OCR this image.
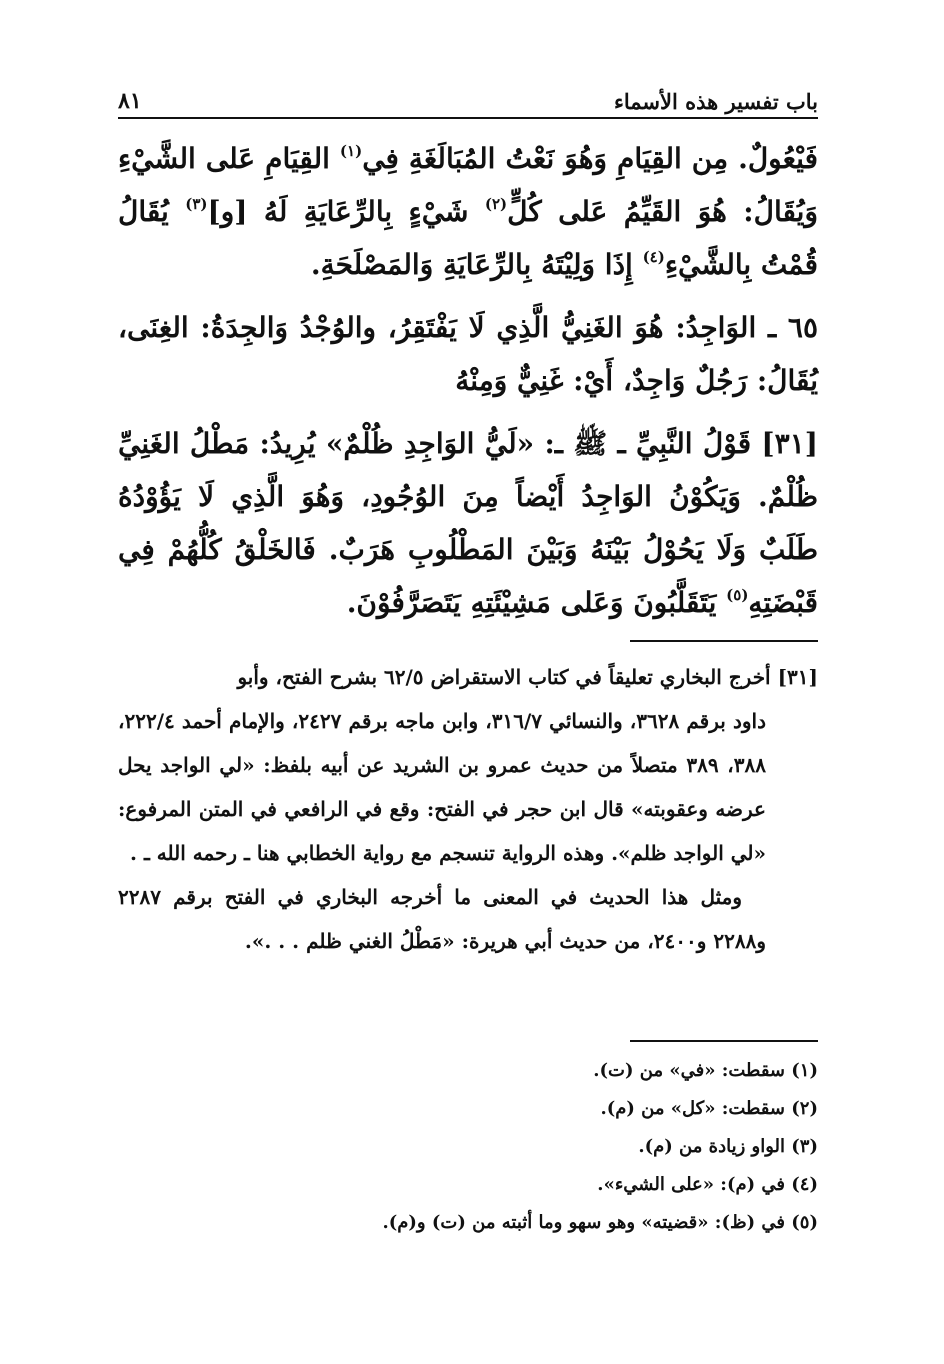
باب تفسير هذه الأسماء
٨١

فَيْعُولٌ. مِن القِيَامِ وَهُوَ نَعْتُ المُبَالَغَةِ فِي$^{(١)}$ القِيَامِ عَلى الشَّيْءِ وَيُقَالُ: هُوَ القَيِّمُ عَلى كُلٍّ$^{(٢)}$ شَيْءٍ بِالرِّعَايَةِ لَهُ [و]$^{(٣)}$ يُقَالُ قُمْتُ بِالشَّيْءِ$^{(٤)}$ إِذَا وَلِيْتَهُ بِالرِّعَايَةِ وَالمَصْلَحَةِ.

٦٥ ـ الوَاجِدُ: هُوَ الغَنِيُّ الَّذِي لَا يَفْتَقِرُ، والوُجْدُ وَالجِدَةُ: الغِنَى، يُقَالُ: رَجُلٌ وَاجِدٌ، أَيْ: غَنِيٌّ وَمِنْهُ

[٣١] قَوْلُ النَّبِيِّ ـ ﷺ ـ: «لَيُّ الوَاجِدِ ظُلْمٌ» يُرِيدُ: مَطْلُ الغَنِيِّ ظُلْمٌ. وَيَكُوْنُ الوَاجِدُ أَيْضاً مِنَ الوُجُودِ، وَهُوَ الَّذِي لَا يَؤُوْدُهُ طَلَبٌ وَلَا يَحُوْلُ بَيْنَهُ وَبَيْنَ المَطْلُوبِ هَرَبٌ. فَالخَلْقُ كُلُّهُمْ فِي قَبْضَتِهِ$^{(٥)}$ يَتَقَلَّبُونَ وَعَلى مَشِيْئَتِهِ يَتَصَرَّفُوْنَ.

[٣١] أخرج البخاري تعليقاً في كتاب الاستقراض ٦٢/٥ بشرح الفتح، وأبو

داود برقم ٣٦٢٨، والنسائي ٣١٦/٧، وابن ماجه برقم ٢٤٢٧، والإمام أحمد ٢٢٢/٤، ٣٨٨، ٣٨٩ متصلاً من حديث عمرو بن الشريد عن أبيه بلفظ: «لي الواجد يحل عرضه وعقوبته» قال ابن حجر في الفتح: وقع في الرافعي في المتن المرفوع: «لي الواجد ظلم». وهذه الرواية تنسجم مع رواية الخطابي هنا ـ رحمه الله ـ .

ومثل هذا الحديث في المعنى ما أخرجه البخاري في الفتح برقم ٢٢٨٧ و٢٢٨٨ و٢٤٠٠، من حديث أبي هريرة: «مَطْلُ الغني ظلم . . .».

(١) سقطت: «في» من (ت).
(٢) سقطت: «كل» من (م).
(٣) الواو زيادة من (م).
(٤) في (م): «على الشيء».
(٥) في (ظ): «قضيته» وهو سهو وما أثبته من (ت) و(م).
